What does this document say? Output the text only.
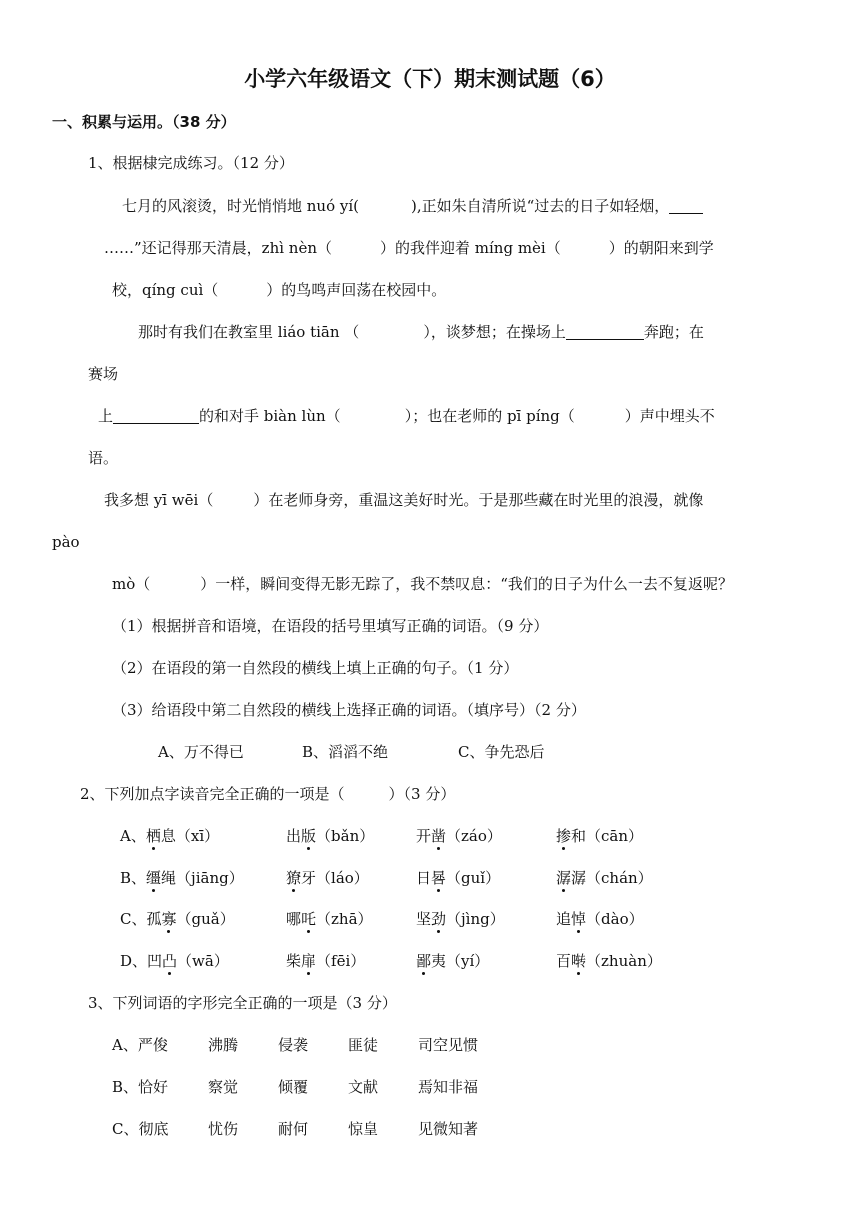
小学六年级语文（下）期末测试题（6）
一、积累与运用。（38 分）
1、根据棣完成练习。（12 分）
七月的风滚烫，时光悄悄地 nuó yí(	),正如朱自清所说“过去的日子如轻烟，
……”还记得那天清晨，zhì nèn（	）的我伴迎着 míng mèi（	）的朝阳来到学
校，qíng cuì（	）的鸟鸣声回荡在校园中。
那时有我们在教室里 liáo tiān （	），谈梦想；在操场上	奔跑；在
赛场
上	的和对手 biàn lùn（	）；也在老师的 pī píng（	）声中埋头不
语。
我多想 yī wēi（	）在老师身旁，重温这美好时光。于是那些藏在时光里的浪漫，就像
pào
mò（	）一样，瞬间变得无影无踪了，我不禁叹息：“我们的日子为什么一去不复返呢？
（1）根据拼音和语境，在语段的括号里填写正确的词语。（9 分）
（2）在语段的第一自然段的横线上填上正确的句子。（1 分）
（3）给语段中第二自然段的横线上选择正确的词语。（填序号）（2 分）
A、万不得已	B、滔滔不绝	C、争先恐后
2、下列加点字读音完全正确的一项是（	）（3 分）
A、栖息（xī）	出版（bǎn）	开凿（záo）	掺和（cān）
B、缰绳（jiāng）	獠牙（láo）	日晷（guǐ）	潺潺（chán）
C、孤寡（guǎ）	哪吒（zhā）	坚劲（jìng）	追悼（dào）
D、凹凸（wā）	柴扉（fēi）	鄙夷（yí）	百啭（zhuàn）
3、下列词语的字形完全正确的一项是（3 分）
A、严俊	沸腾	侵袭	匪徒	司空见惯
B、恰好	察觉	倾覆	文献	焉知非福
C、彻底	忧伤	耐何	惊皇	见微知著
